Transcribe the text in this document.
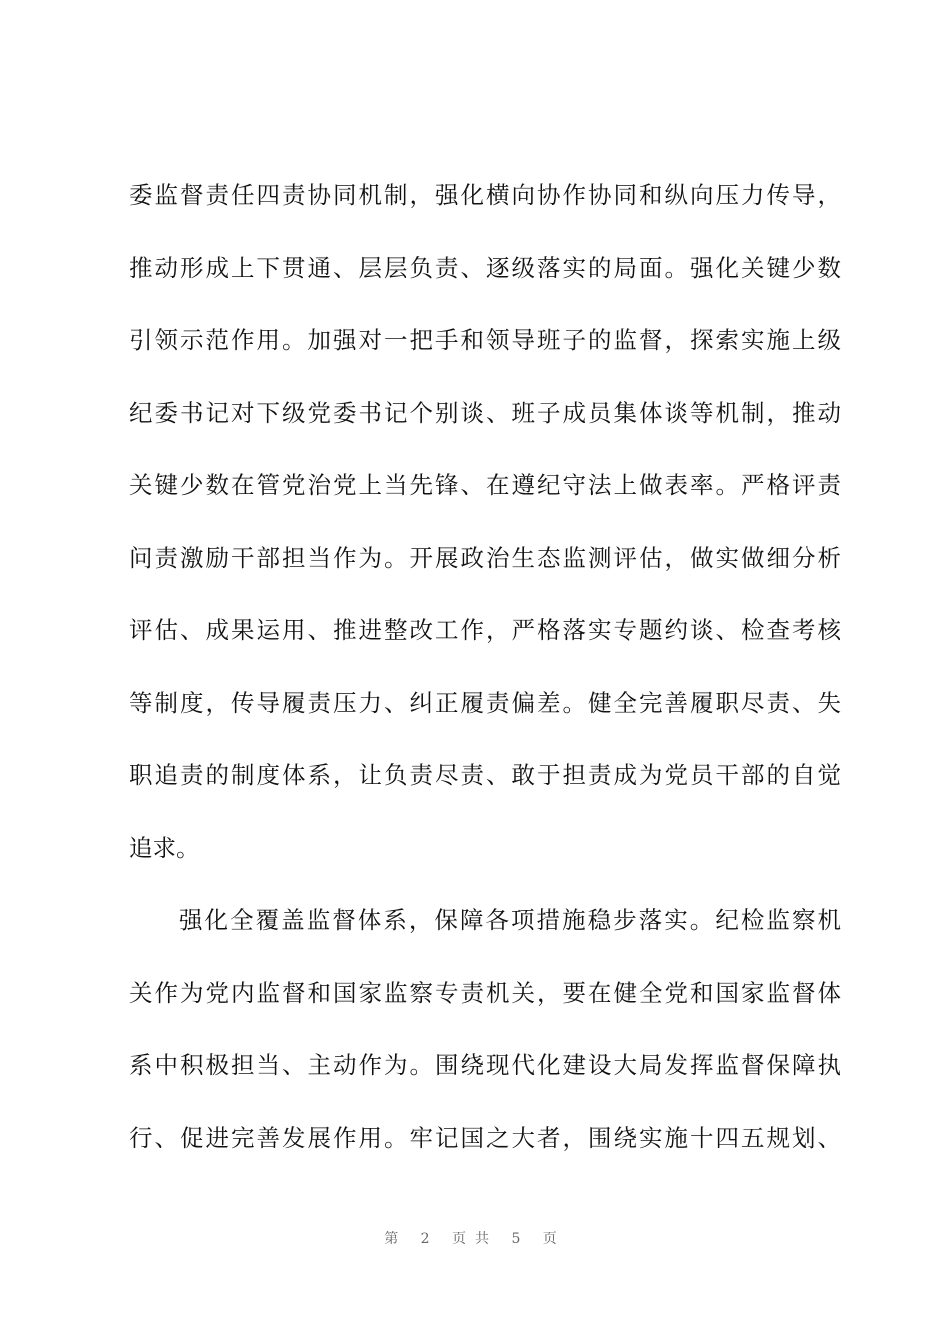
委监督责任四责协同机制，强化横向协作协同和纵向压力传导，
推动形成上下贯通、层层负责、逐级落实的局面。强化关键少数
引领示范作用。加强对一把手和领导班子的监督，探索实施上级
纪委书记对下级党委书记个别谈、班子成员集体谈等机制，推动
关键少数在管党治党上当先锋、在遵纪守法上做表率。严格评责
问责激励干部担当作为。开展政治生态监测评估，做实做细分析
评估、成果运用、推进整改工作，严格落实专题约谈、检查考核
等制度，传导履责压力、纠正履责偏差。健全完善履职尽责、失
职追责的制度体系，让负责尽责、敢于担责成为党员干部的自觉
追求。
强化全覆盖监督体系，保障各项措施稳步落实。纪检监察机
关作为党内监督和国家监察专责机关，要在健全党和国家监督体
系中积极担当、主动作为。围绕现代化建设大局发挥监督保障执
行、促进完善发展作用。牢记国之大者，围绕实施十四五规划、
第 2 页共 5 页
